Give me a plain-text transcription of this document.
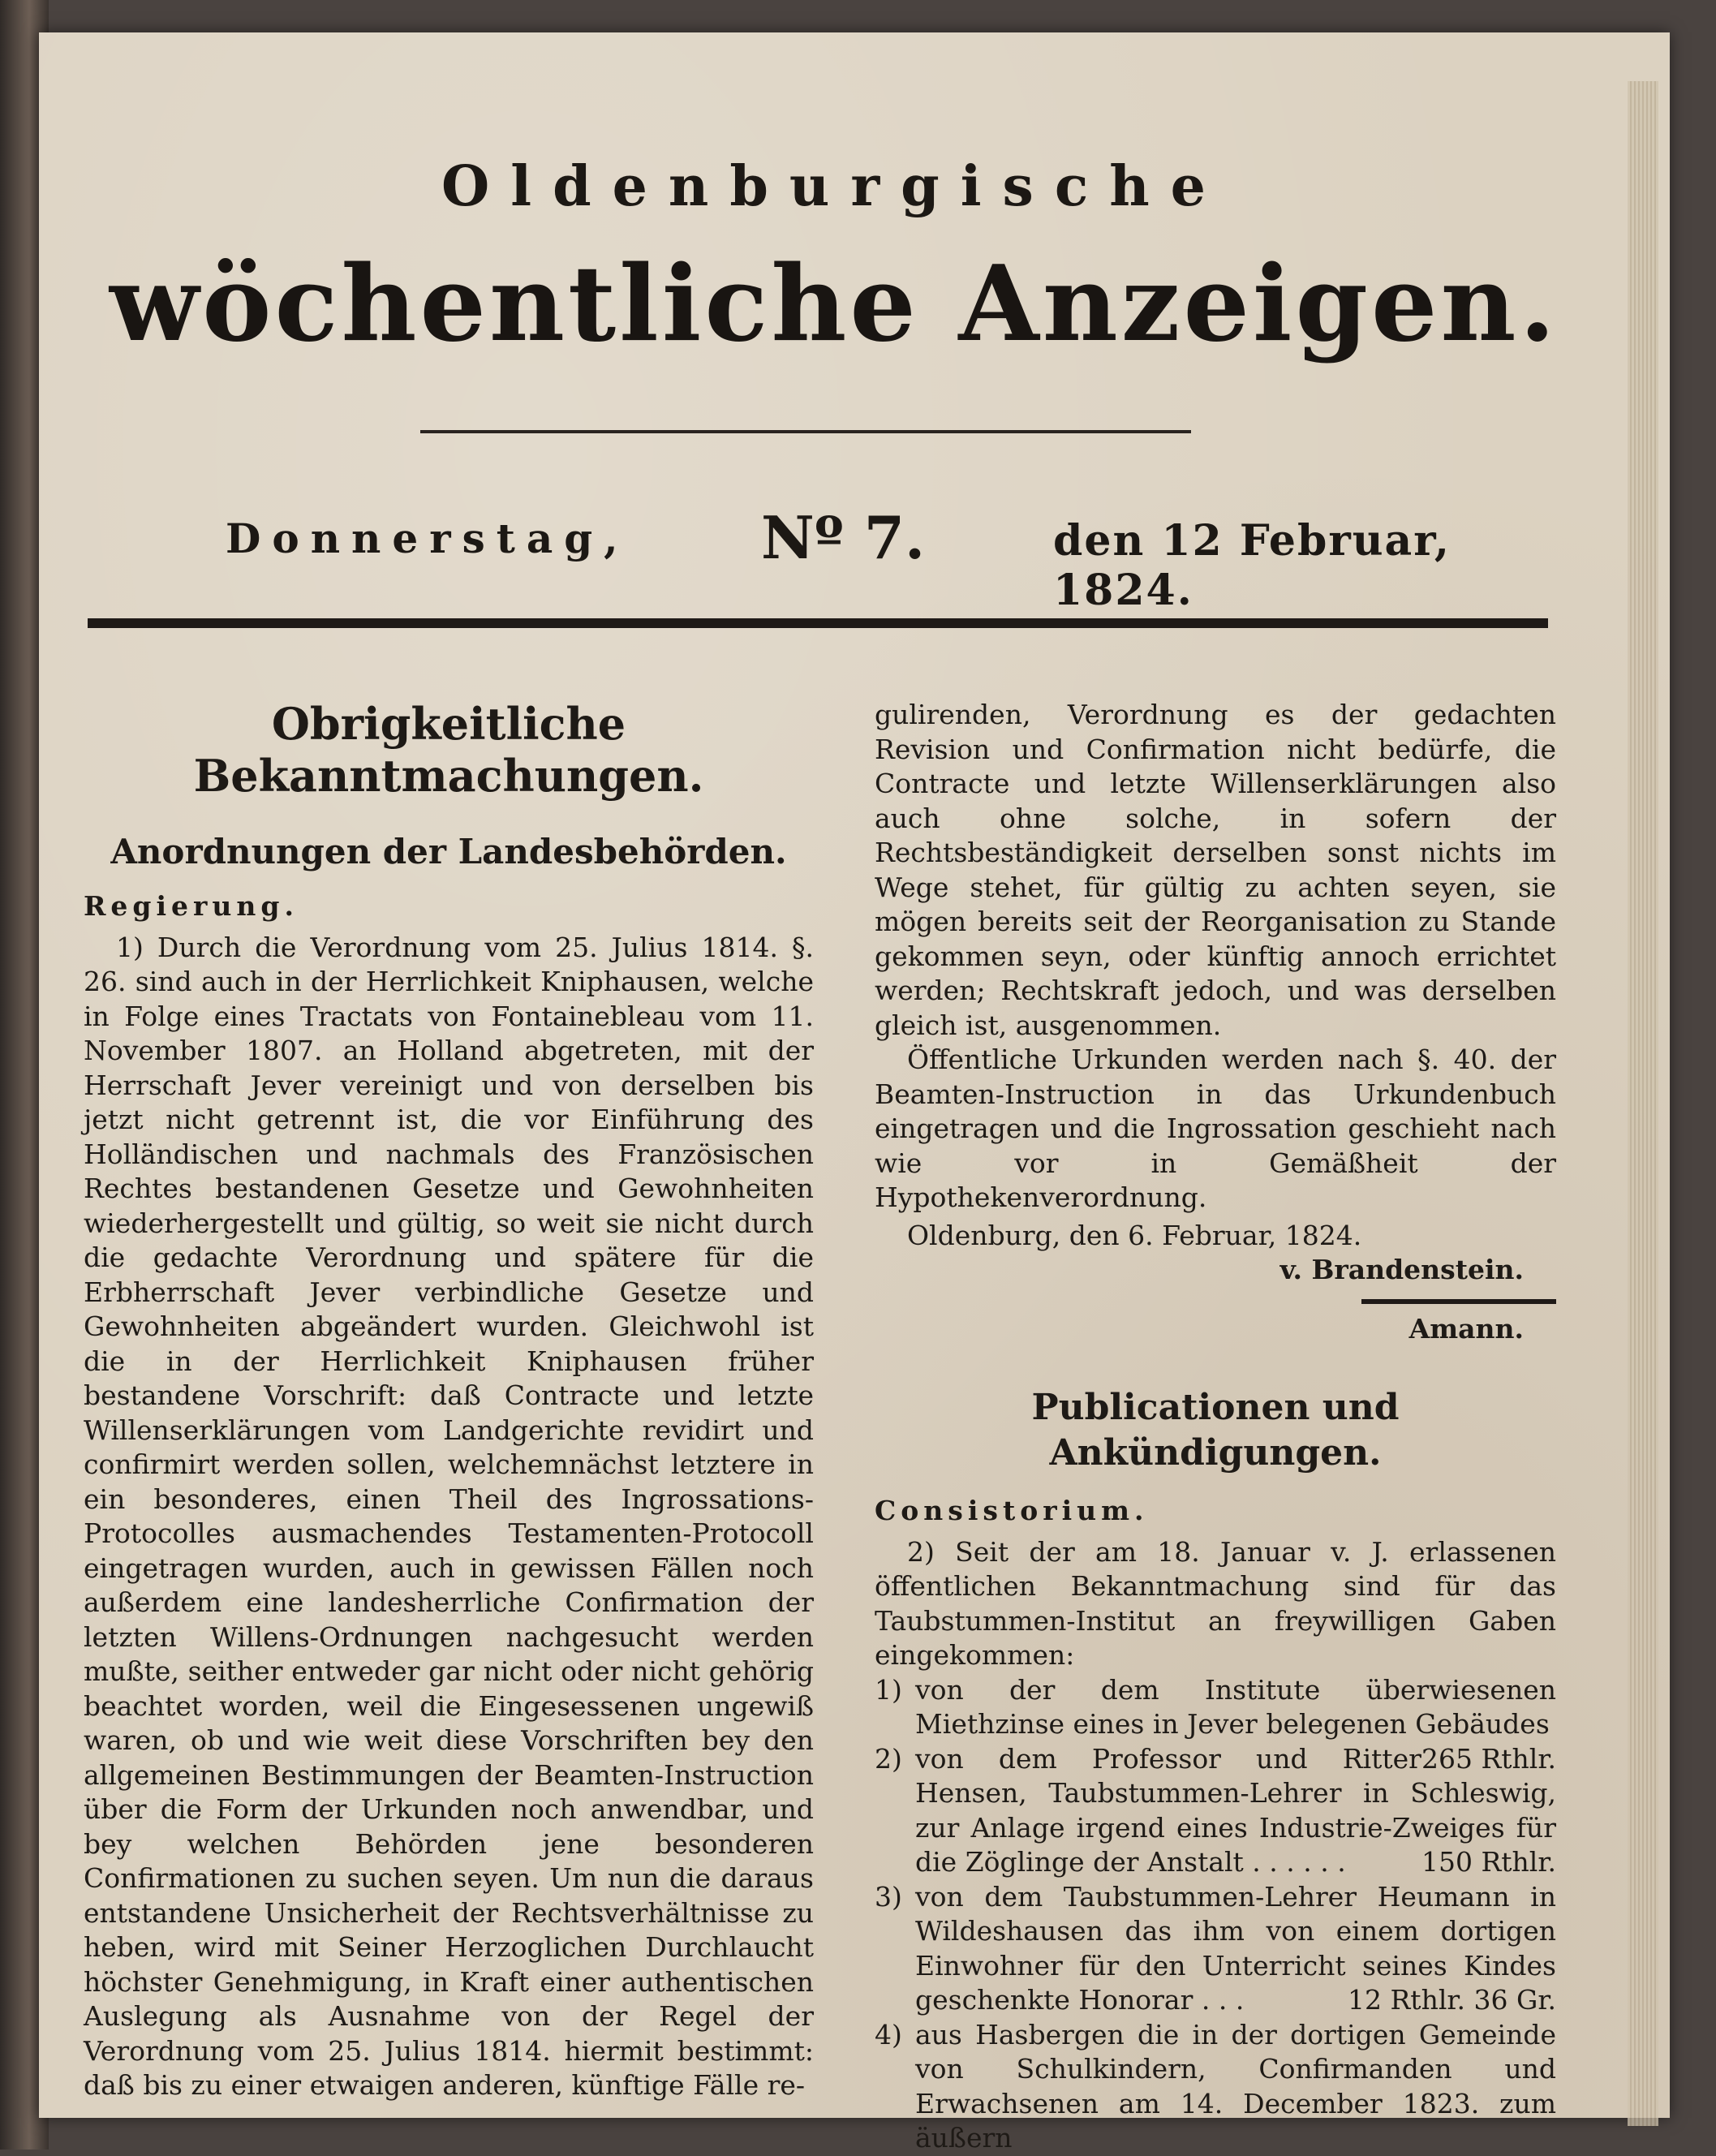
Oldenburgische
wöchentliche Anzeigen.
Donnerstag, Nº 7.	den 12 Februar, 1824.
Obrigkeitliche Bekanntmachungen.
Anordnungen der Landesbehörden.
Regierung.

1) Durch die Verordnung vom 25. Julius 1814. §. 26. sind auch in der Herrlichkeit Kniphausen, welche in Folge eines Tractats von Fontainebleau vom 11. November 1807. an Holland abgetreten, mit der Herrschaft Jever vereinigt und von derselben bis jetzt nicht getrennt ist, die vor Einführung des Holländischen und nachmals des Französischen Rechtes bestandenen Gesetze und Gewohnheiten wiederhergestellt und gültig, so weit sie nicht durch die gedachte Verordnung und spätere für die Erbherrschaft Jever verbindliche Gesetze und Gewohnheiten abgeändert wurden. Gleichwohl ist die in der Herrlichkeit Kniphausen früher bestandene Vorschrift: daß Contracte und letzte Willenserklärungen vom Landgerichte revidirt und confirmirt werden sollen, welchemnächst letztere in ein besonderes, einen Theil des Ingrossations-Protocolles ausmachendes Testamenten-Protocoll eingetragen wurden, auch in gewissen Fällen noch außerdem eine landesherrliche Confirmation der letzten Willens-Ordnungen nachgesucht werden mußte, seither entweder gar nicht oder nicht gehörig beachtet worden, weil die Eingesessenen ungewiß waren, ob und wie weit diese Vorschriften bey den allgemeinen Bestimmungen der Beamten-Instruction über die Form der Urkunden noch anwendbar, und bey welchen Behörden jene besonderen Confirmationen zu suchen seyen. Um nun die daraus entstandene Unsicherheit der Rechtsverhältnisse zu heben, wird mit Seiner Herzoglichen Durchlaucht höchster Genehmigung, in Kraft einer authentischen Auslegung als Ausnahme von der Regel der Verordnung vom 25. Julius 1814. hiermit bestimmt: daß bis zu einer etwaigen anderen, künftige Fälle re-

gulirenden, Verordnung es der gedachten Revision und Confirmation nicht bedürfe, die Contracte und letzte Willenserklärungen also auch ohne solche, in sofern der Rechtsbeständigkeit derselben sonst nichts im Wege stehet, für gültig zu achten seyen, sie mögen bereits seit der Reorganisation zu Stande gekommen seyn, oder künftig annoch errichtet werden; Rechtskraft jedoch, und was derselben gleich ist, ausgenommen.

Öffentliche Urkunden werden nach §. 40. der Beamten-Instruction in das Urkundenbuch eingetragen und die Ingrossation geschieht nach wie vor in Gemäßheit der Hypothekenverordnung.

Oldenburg, den 6. Februar, 1824.

v. Brandenstein.
Amann.
Publicationen und Ankündigungen.
Consistorium.

2) Seit der am 18. Januar v. J. erlassenen öffentlichen Bekanntmachung sind für das Taubstummen-Institut an freywilligen Gaben eingekommen:

1) von der dem Institute überwiesenen Miethzinse eines in Jever belegenen Gebäudes
265 Rthlr.
2) von dem Professor und Ritter Hensen, Taubstummen-Lehrer in Schleswig, zur Anlage irgend eines Industrie-Zweiges für die Zöglinge der Anstalt . . . . . .	150 Rthlr.
3) von dem Taubstummen-Lehrer Heumann in Wildeshausen das ihm von einem dortigen Einwohner für den Unterricht seines Kindes geschenkte Honorar . . .	12 Rthlr. 36 Gr.
4) aus Hasbergen die in der dortigen Gemeinde von Schulkindern, Confirmanden und Erwachsenen am 14. December 1823. zum äußern
